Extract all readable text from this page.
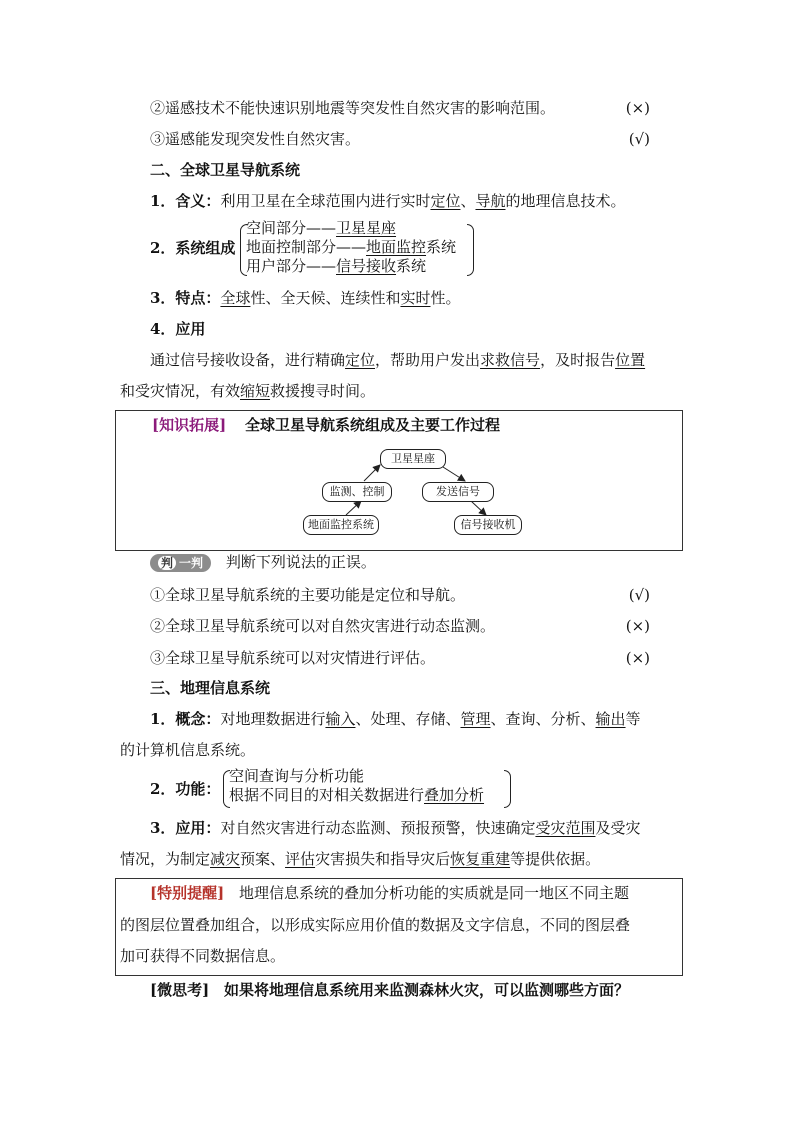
②遥感技术不能快速识别地震等突发性自然灾害的影响范围。	(×)
③遥感能发现突发性自然灾害。	(√)
二、全球卫星导航系统
1．含义：利用卫星在全球范围内进行实时定位、导航的地理信息技术。
2．系统组成
空间部分——卫星星座
地面控制部分——地面监控系统
用户部分——信号接收系统
3．特点：全球性、全天候、连续性和实时性。
4．应用
通过信号接收设备，进行精确定位，帮助用户发出求救信号，及时报告位置
和受灾情况，有效缩短救援搜寻时间。
[知识拓展] 全球卫星导航系统组成及主要工作过程
卫星星座
监测、控制	发送信号
地面监控系统	信号接收机
判 一判 判断下列说法的正误。
①全球卫星导航系统的主要功能是定位和导航。	(√)
②全球卫星导航系统可以对自然灾害进行动态监测。	(×)
③全球卫星导航系统可以对灾情进行评估。	(×)
三、地理信息系统
1．概念：对地理数据进行输入、处理、存储、管理、查询、分析、输出等
的计算机信息系统。
2．功能：
空间查询与分析功能
根据不同目的对相关数据进行叠加分析
3．应用：对自然灾害进行动态监测、预报预警，快速确定受灾范围及受灾
情况，为制定减灾预案、评估灾害损失和指导灾后恢复重建等提供依据。
[特别提醒] 地理信息系统的叠加分析功能的实质就是同一地区不同主题
的图层位置叠加组合，以形成实际应用价值的数据及文字信息，不同的图层叠
加可获得不同数据信息。
[微思考] 如果将地理信息系统用来监测森林火灾，可以监测哪些方面？
